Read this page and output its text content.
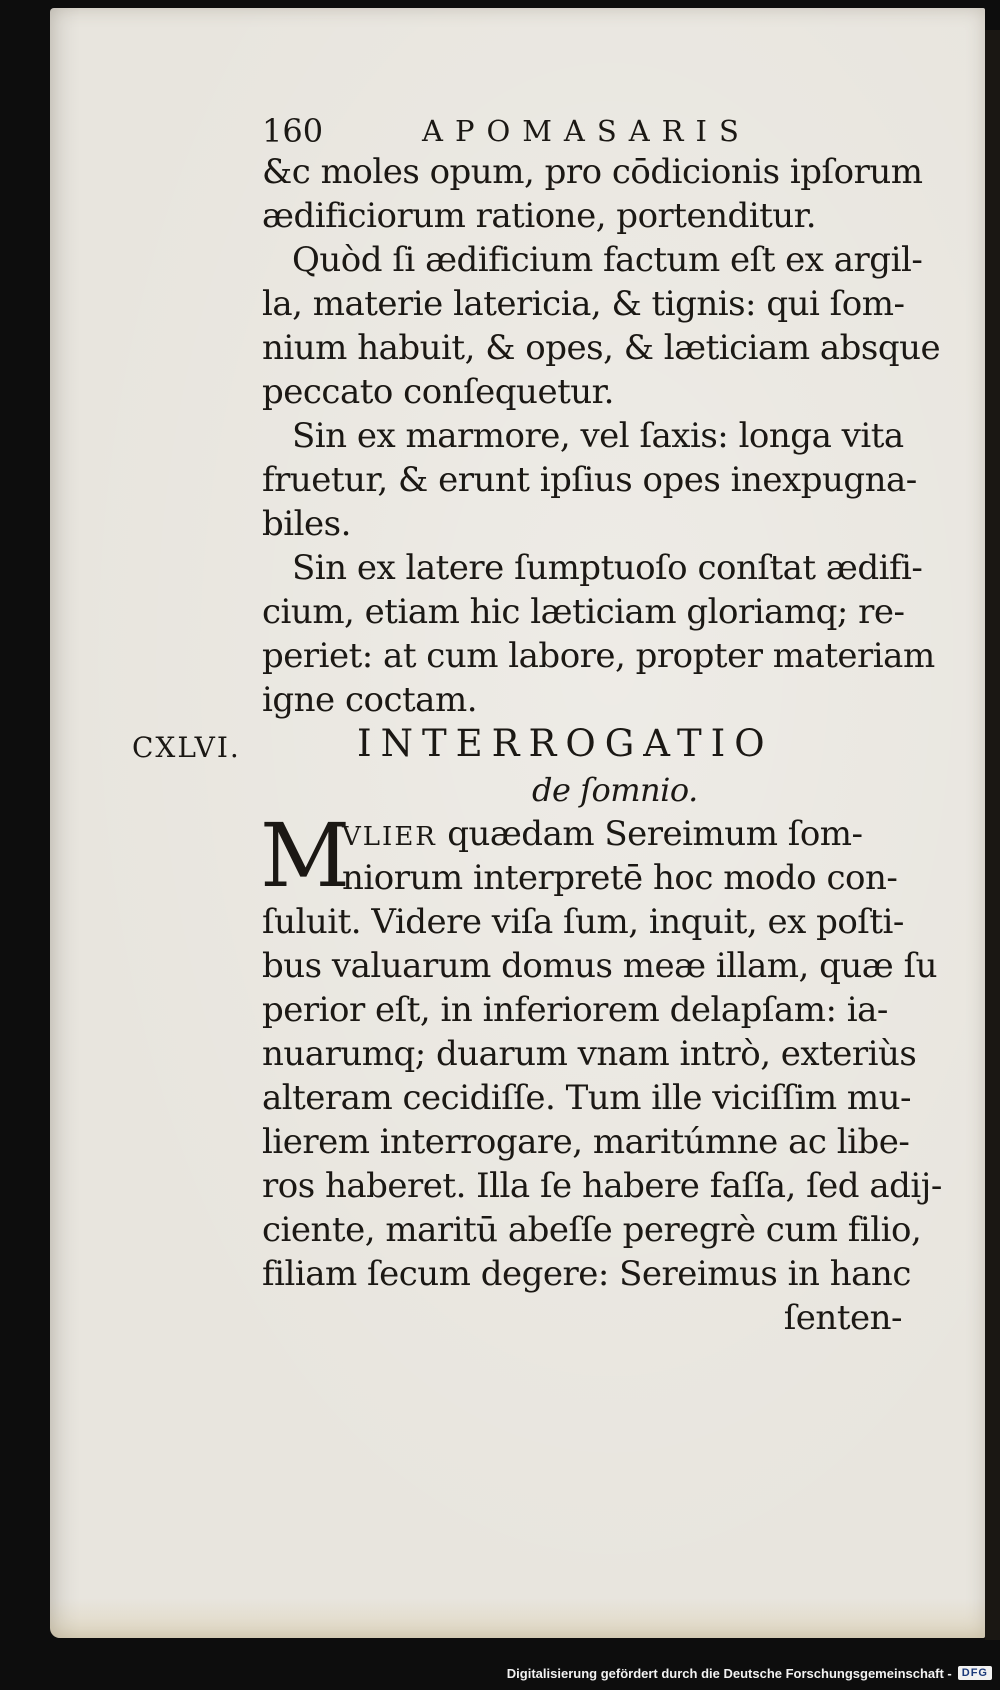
160	APOMASARIS
&c moles opum, pro cōdicionis ipſorum
ædificiorum ratione, portenditur.
Quòd ſi ædificium factum eſt ex argil-
la, materie latericia, & tignis: qui ſom-
nium habuit, & opes, & læticiam absque
peccato conſequetur.
Sin ex marmore, vel ſaxis: longa vita
fruetur, & erunt ipſius opes inexpugna-
biles.
Sin ex latere ſumptuoſo conſtat ædifi-
cium, etiam hic læticiam gloriamq; re-
periet: at cum labore, propter materiam
igne coctam.
CXLVI.	INTERROGATIO
de ſomnio.
M
VLIER quædam Sereimum ſom-
niorum interpretē hoc modo con-
ſuluit. Videre viſa ſum, inquit, ex poſti-
bus valuarum domus meæ illam, quæ ſu
perior eſt, in inferiorem delapſam: ia-
nuarumq; duarum vnam intrò, exteriùs
alteram cecidiſſe. Tum ille viciſſim mu-
lierem interrogare, maritúmne ac libe-
ros haberet. Illa ſe habere faſſa, ſed adij-
ciente, maritū abeſſe peregrè cum filio,
filiam ſecum degere: Sereimus in hanc
ſenten-
Digitalisierung gefördert durch die Deutsche Forschungsgemeinschaft - DFG
